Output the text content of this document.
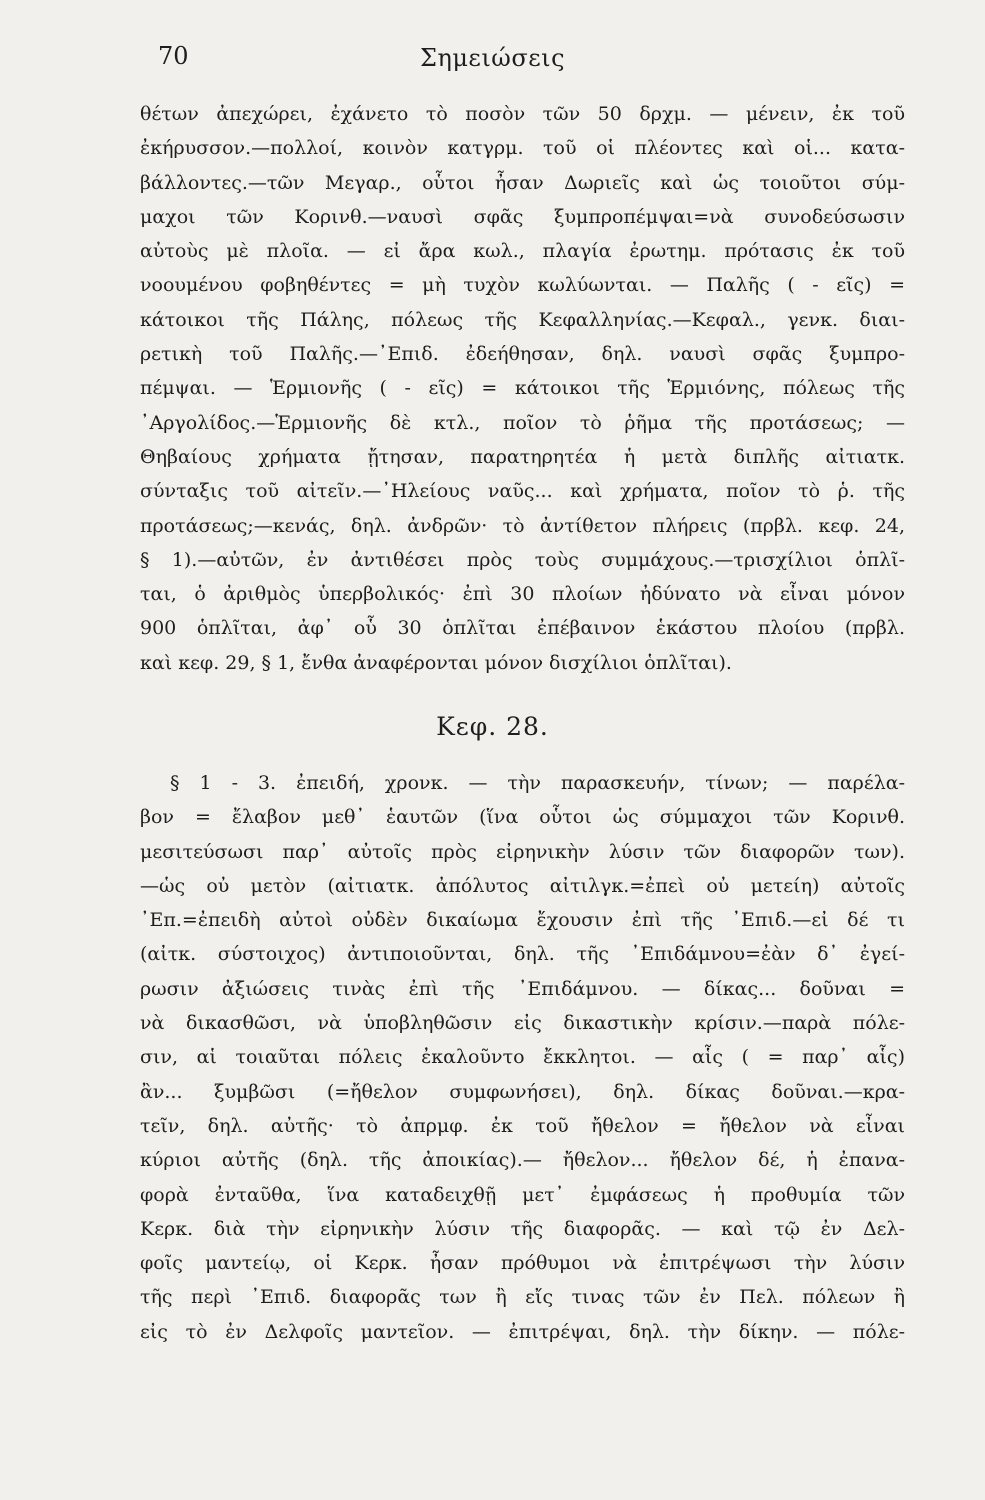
70	Σημειώσεις
θέτων ἀπεχώρει, ἐχάνετο τὸ ποσὸν τῶν 50 δρχμ. — μένειν, ἐκ τοῦ
ἐκήρυσσον.—πολλοί, κοινὸν κατγρμ. τοῦ οἱ πλέοντες καὶ οἱ... κατα-
βάλλοντες.—τῶν Μεγαρ., οὗτοι ἦσαν Δωριεῖς καὶ ὡς τοιοῦτοι σύμ-
μαχοι τῶν Κορινθ.—ναυσὶ σφᾶς ξυμπροπέμψαι=νὰ συνοδεύσωσιν
αὐτοὺς μὲ πλοῖα. — εἰ ἄρα κωλ., πλαγία ἐρωτημ. πρότασις ἐκ τοῦ
νοουμένου φοβηθέντες = μὴ τυχὸν κωλύωνται. — Παλῆς ( - εῖς) =
κάτοικοι τῆς Πάλης, πόλεως τῆς Κεφαλληνίας.—Κεφαλ., γενκ. διαι-
ρετικὴ τοῦ Παλῆς.—᾿Επιδ. ἐδεήθησαν, δηλ. ναυσὶ σφᾶς ξυμπρο-
πέμψαι. — Ἑρμιονῆς ( - εῖς) = κάτοικοι τῆς Ἑρμιόνης, πόλεως τῆς
᾿Αργολίδος.—Ἑρμιονῆς δὲ κτλ., ποῖον τὸ ῥῆμα τῆς προτάσεως; —
Θηβαίους χρήματα ᾔτησαν, παρατηρητέα ἡ μετὰ διπλῆς αἰτιατκ.
σύνταξις τοῦ αἰτεῖν.—᾿Ηλείους ναῦς... καὶ χρήματα, ποῖον τὸ ῥ. τῆς
προτάσεως;—κενάς, δηλ. ἀνδρῶν· τὸ ἀντίθετον πλήρεις (πρβλ. κεφ. 24,
§ 1).—αὐτῶν, ἐν ἀντιθέσει πρὸς τοὺς συμμάχους.—τρισχίλιοι ὁπλῖ-
ται, ὁ ἀριθμὸς ὑπερβολικός· ἐπὶ 30 πλοίων ἠδύνατο νὰ εἶναι μόνον
900 ὁπλῖται, ἀφ᾿ οὗ 30 ὁπλῖται ἐπέβαινον ἑκάστου πλοίου (πρβλ.
καὶ κεφ. 29, § 1, ἔνθα ἀναφέρονται μόνον δισχίλιοι ὁπλῖται).
Κεφ. 28.
§ 1 - 3. ἐπειδή, χρονκ. — τὴν παρασκευήν, τίνων; — παρέλα-
βον = ἔλαβον μεθ᾿ ἑαυτῶν (ἵνα οὗτοι ὡς σύμμαχοι τῶν Κορινθ.
μεσιτεύσωσι παρ᾿ αὐτοῖς πρὸς εἰρηνικὴν λύσιν τῶν διαφορῶν των).
—ὡς οὐ μετὸν (αἰτιατκ. ἀπόλυτος αἰτιλγκ.=ἐπεὶ οὐ μετείη) αὐτοῖς
᾿Επ.=ἐπειδὴ αὐτοὶ οὐδὲν δικαίωμα ἔχουσιν ἐπὶ τῆς ᾿Επιδ.—εἰ δέ τι
(αἰτκ. σύστοιχος) ἀντιποιοῦνται, δηλ. τῆς ᾿Επιδάμνου=ἐὰν δ᾿ ἐγεί-
ρωσιν ἀξιώσεις τινὰς ἐπὶ τῆς ᾿Επιδάμνου. — δίκας... δοῦναι =
νὰ δικασθῶσι, νὰ ὑποβληθῶσιν εἰς δικαστικὴν κρίσιν.—παρὰ πόλε-
σιν, αἱ τοιαῦται πόλεις ἐκαλοῦντο ἔκκλητοι. — αἷς ( = παρ᾿ αἷς)
ἂν... ξυμβῶσι (=ἤθελον συμφωνήσει), δηλ. δίκας δοῦναι.—κρα-
τεῖν, δηλ. αὐτῆς· τὸ ἀπρμφ. ἐκ τοῦ ἤθελον = ἤθελον νὰ εἶναι
κύριοι αὐτῆς (δηλ. τῆς ἀποικίας).— ἤθελον... ἤθελον δέ, ἡ ἐπανα-
φορὰ ἐνταῦθα, ἵνα καταδειχθῇ μετ᾿ ἐμφάσεως ἡ προθυμία τῶν
Κερκ. διὰ τὴν εἰρηνικὴν λύσιν τῆς διαφορᾶς. — καὶ τῷ ἐν Δελ-
φοῖς μαντείῳ, οἱ Κερκ. ἦσαν πρόθυμοι νὰ ἐπιτρέψωσι τὴν λύσιν
τῆς περὶ ᾿Επιδ. διαφορᾶς των ἢ εἴς τινας τῶν ἐν Πελ. πόλεων ἢ
εἰς τὸ ἐν Δελφοῖς μαντεῖον. — ἐπιτρέψαι, δηλ. τὴν δίκην. — πόλε-
